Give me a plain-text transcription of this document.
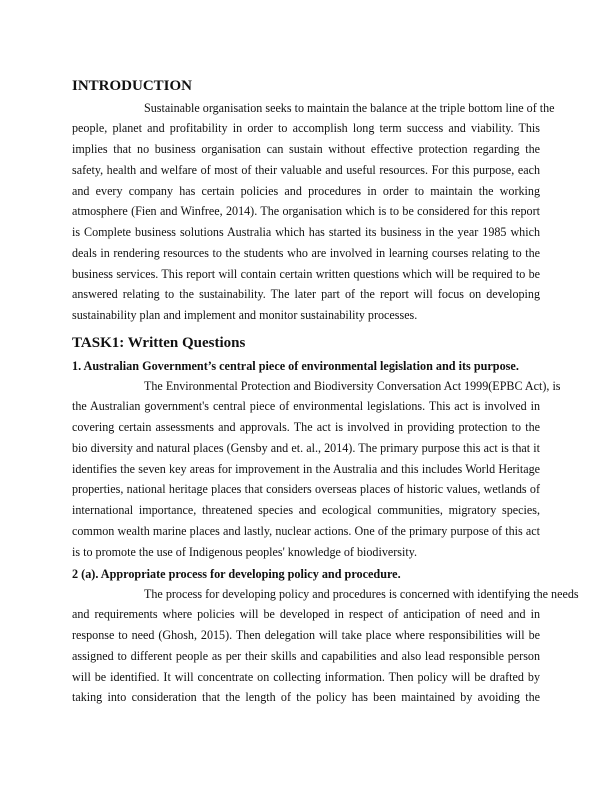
INTRODUCTION
Sustainable organisation seeks to maintain the balance at the triple bottom line of the
people, planet and profitability in order to accomplish long term success and viability. This
implies that no business organisation can sustain without effective protection regarding the
safety, health and welfare of most of their valuable and useful resources. For this purpose, each
and every company has certain policies and procedures in order to maintain the working
atmosphere (Fien and Winfree, 2014). The organisation which is to be considered for this report
is Complete business solutions Australia which has started its business in the year 1985 which
deals in rendering resources to the students who are involved in learning courses relating to the
business services. This report will contain certain written questions which will be required to be
answered relating to the sustainability. The later part of the report will focus on developing
sustainability plan and implement and monitor sustainability processes.
TASK1: Written Questions
1. Australian Government’s central piece of environmental legislation and its purpose.
The Environmental Protection and Biodiversity Conversation Act 1999(EPBC Act), is
the Australian government's central piece of environmental legislations. This act is involved in
covering certain assessments and approvals. The act is involved in providing protection to the
bio diversity and natural places (Gensby and et. al., 2014). The primary purpose this act is that it
identifies the seven key areas for improvement in the Australia and this includes World Heritage
properties, national heritage places that considers overseas places of historic values, wetlands of
international importance, threatened species and ecological communities, migratory species,
common wealth marine places and lastly, nuclear actions. One of the primary purpose of this act
is to promote the use of Indigenous peoples' knowledge of biodiversity.
2 (a). Appropriate process for developing policy and procedure.
The process for developing policy and procedures is concerned with identifying the needs
and requirements where policies will be developed in respect of anticipation of need and in
response to need (Ghosh, 2015). Then delegation will take place where responsibilities will be
assigned to different people as per their skills and capabilities and also lead responsible person
will be identified. It will concentrate on collecting information. Then policy will be drafted by
taking into consideration that the length of the policy has been maintained by avoiding the
